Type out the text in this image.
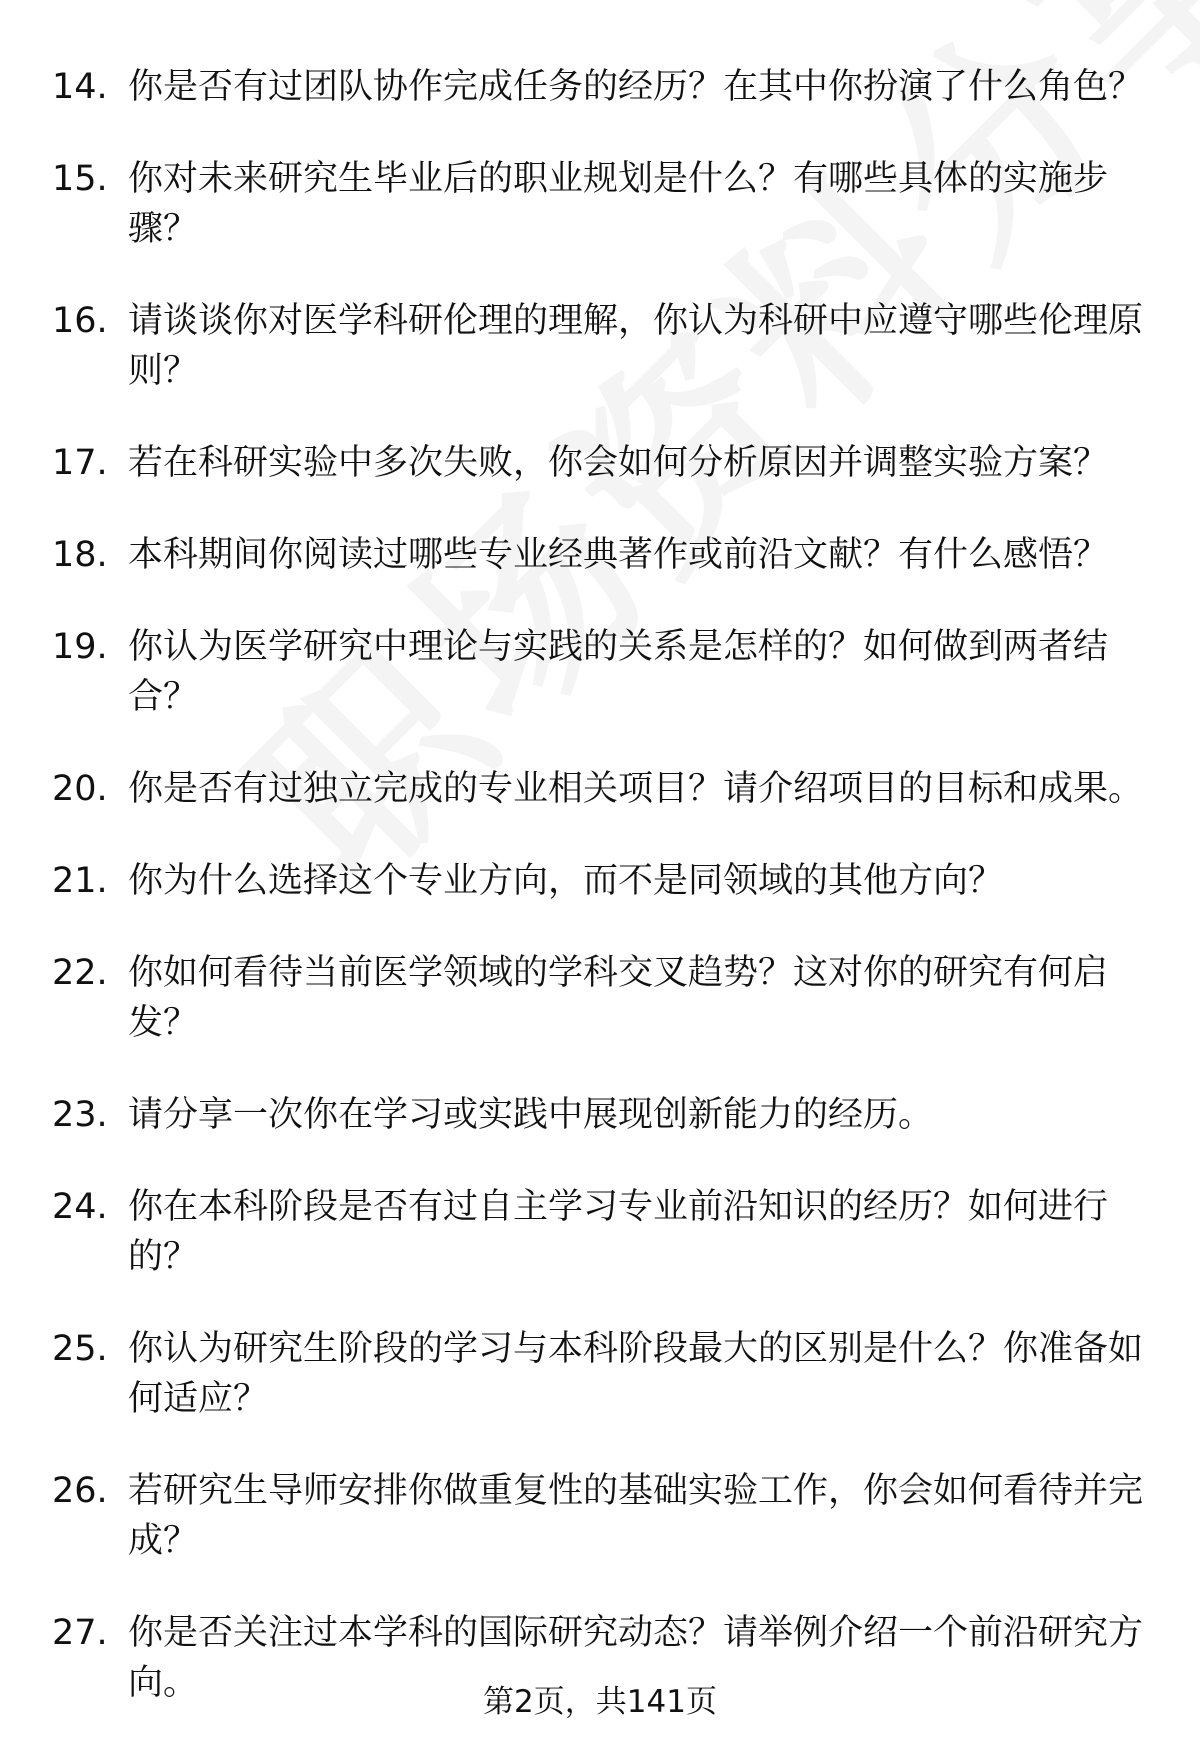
14. 你是否有过团队协作完成任务的经历？在其中你扮演了什么角色？
15. 你对未来研究生毕业后的职业规划是什么？有哪些具体的实施步骤？
16. 请谈谈你对医学科研伦理的理解，你认为科研中应遵守哪些伦理原则？
17. 若在科研实验中多次失败，你会如何分析原因并调整实验方案？
18. 本科期间你阅读过哪些专业经典著作或前沿文献？有什么感悟？
19. 你认为医学研究中理论与实践的关系是怎样的？如何做到两者结合？
20. 你是否有过独立完成的专业相关项目？请介绍项目的目标和成果。
21. 你为什么选择这个专业方向，而不是同领域的其他方向？
22. 你如何看待当前医学领域的学科交叉趋势？这对你的研究有何启发？
23. 请分享一次你在学习或实践中展现创新能力的经历。
24. 你在本科阶段是否有过自主学习专业前沿知识的经历？如何进行的？
25. 你认为研究生阶段的学习与本科阶段最大的区别是什么？你准备如何适应？
26. 若研究生导师安排你做重复性的基础实验工作，你会如何看待并完成？
27. 你是否关注过本学科的国际研究动态？请举例介绍一个前沿研究方向。	第2页，共141页
